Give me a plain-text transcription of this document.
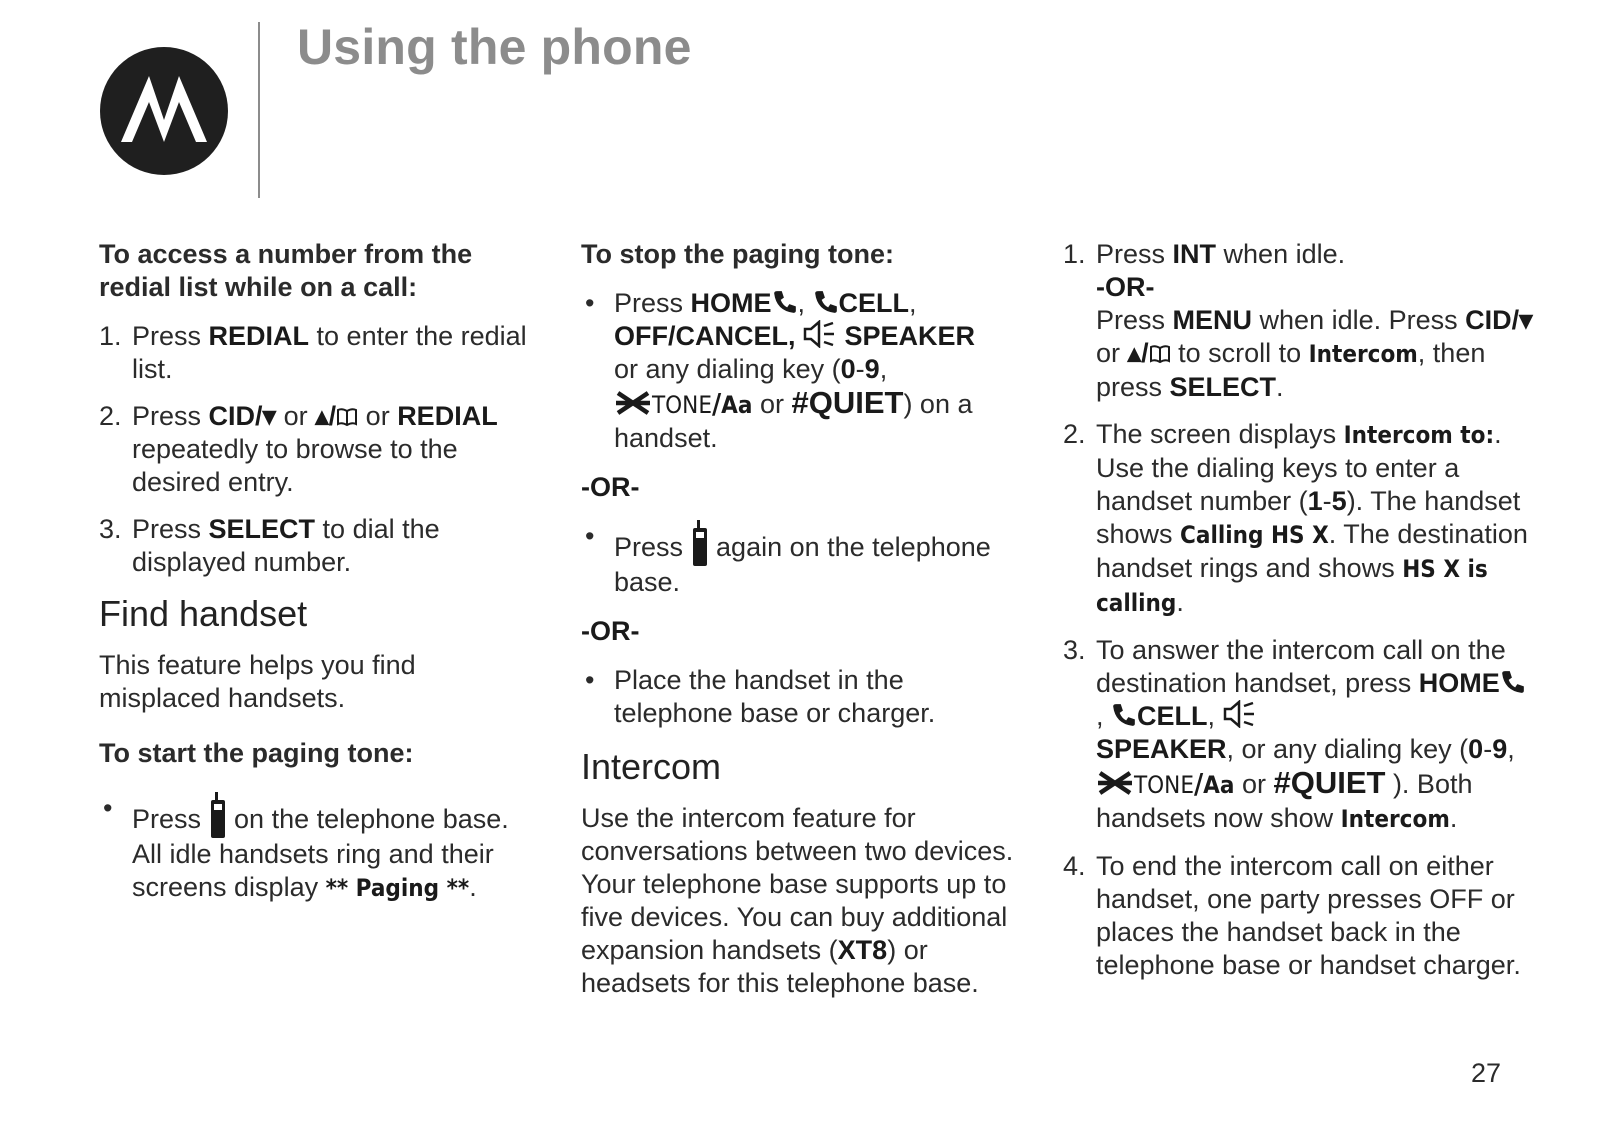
Using the phone
To access a number from the redial list while on a call:
1. Press REDIAL to enter the redial list.
2. Press CID/▾ or ▴/ or REDIAL repeatedly to browse to the desired entry.
3. Press SELECT to dial the displayed number.
Find handset

This feature helps you find misplaced handsets.

To start the paging tone:
• Press  on the telephone base. All idle handsets ring and their screens display ** Paging **.
To stop the paging tone:
• Press HOME , CELL,
OFF/CANCEL,  SPEAKER
or any dialing key (0-9,
TONE/Aa or #QUIET) on a handset.
-OR-
• Press  again on the telephone base.
-OR-
• Place the handset in the telephone base or charger.
Intercom

Use the intercom feature for conversations between two devices. Your telephone base supports up to five devices. You can buy additional expansion handsets (XT8) or headsets for this telephone base.

1. Press INT when idle.
-OR-
Press MENU when idle. Press CID/▾ or ▴/ to scroll to Intercom, then press SELECT.
2. The screen displays Intercom to:. Use the dialing keys to enter a handset number (1-5). The handset shows Calling HS X. The destination handset rings and shows HS X is calling.
3. To answer the intercom call on the destination handset, press HOME, CELL,
SPEAKER, or any dialing key (0-9, TONE/Aa or #QUIET ). Both handsets now show Intercom.
4. To end the intercom call on either handset, one party presses OFF or places the handset back in the telephone base or handset charger.
27
